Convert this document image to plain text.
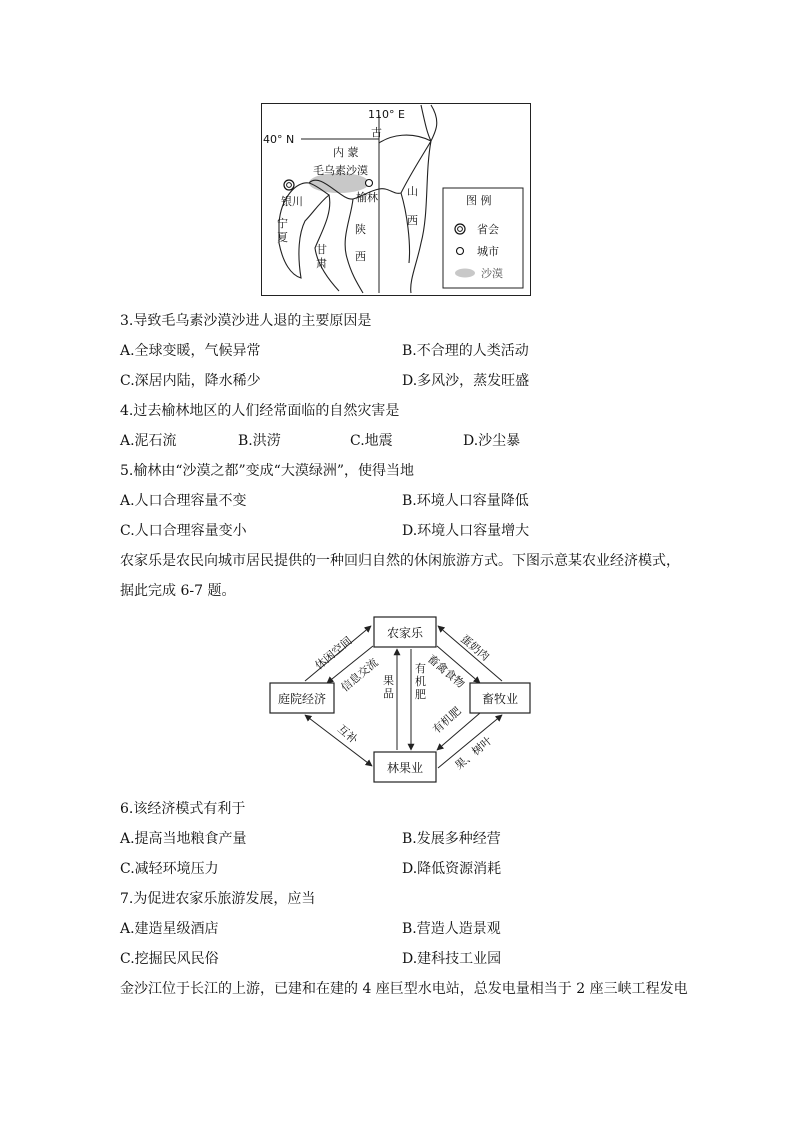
110° E
40° N
古
内 蒙
毛乌素沙漠
银川	榆林
宁
夏
甘
肃
陕
西
山
西
图 例
省会
城市
沙漠
3.导致毛乌素沙漠沙进人退的主要原因是
A.全球变暖，气候异常	B.不合理的人类活动
C.深居内陆，降水稀少	D.多风沙，蒸发旺盛
4.过去榆林地区的人们经常面临的自然灾害是
A.泥石流	B.洪涝	C.地震	D.沙尘暴
5.榆林由“沙漠之都”变成“大漠绿洲”，使得当地
A.人口合理容量不变	B.环境人口容量降低
C.人口合理容量变小	D.环境人口容量增大
农家乐是农民向城市居民提供的一种回归自然的休闲旅游方式。下图示意某农业经济模式，
据此完成 6-7 题。
农家乐
庭院经济	畜牧业
林果业
休闲空间
信息交流
蛋奶肉
畜禽食物
果品
有机肥
互补	有机肥
果、树叶
6.该经济模式有利于
A.提高当地粮食产量	B.发展多种经营
C.减轻环境压力	D.降低资源消耗
7.为促进农家乐旅游发展，应当
A.建造星级酒店	B.营造人造景观
C.挖掘民风民俗	D.建科技工业园
金沙江位于长江的上游，已建和在建的 4 座巨型水电站，总发电量相当于 2 座三峡工程发电
